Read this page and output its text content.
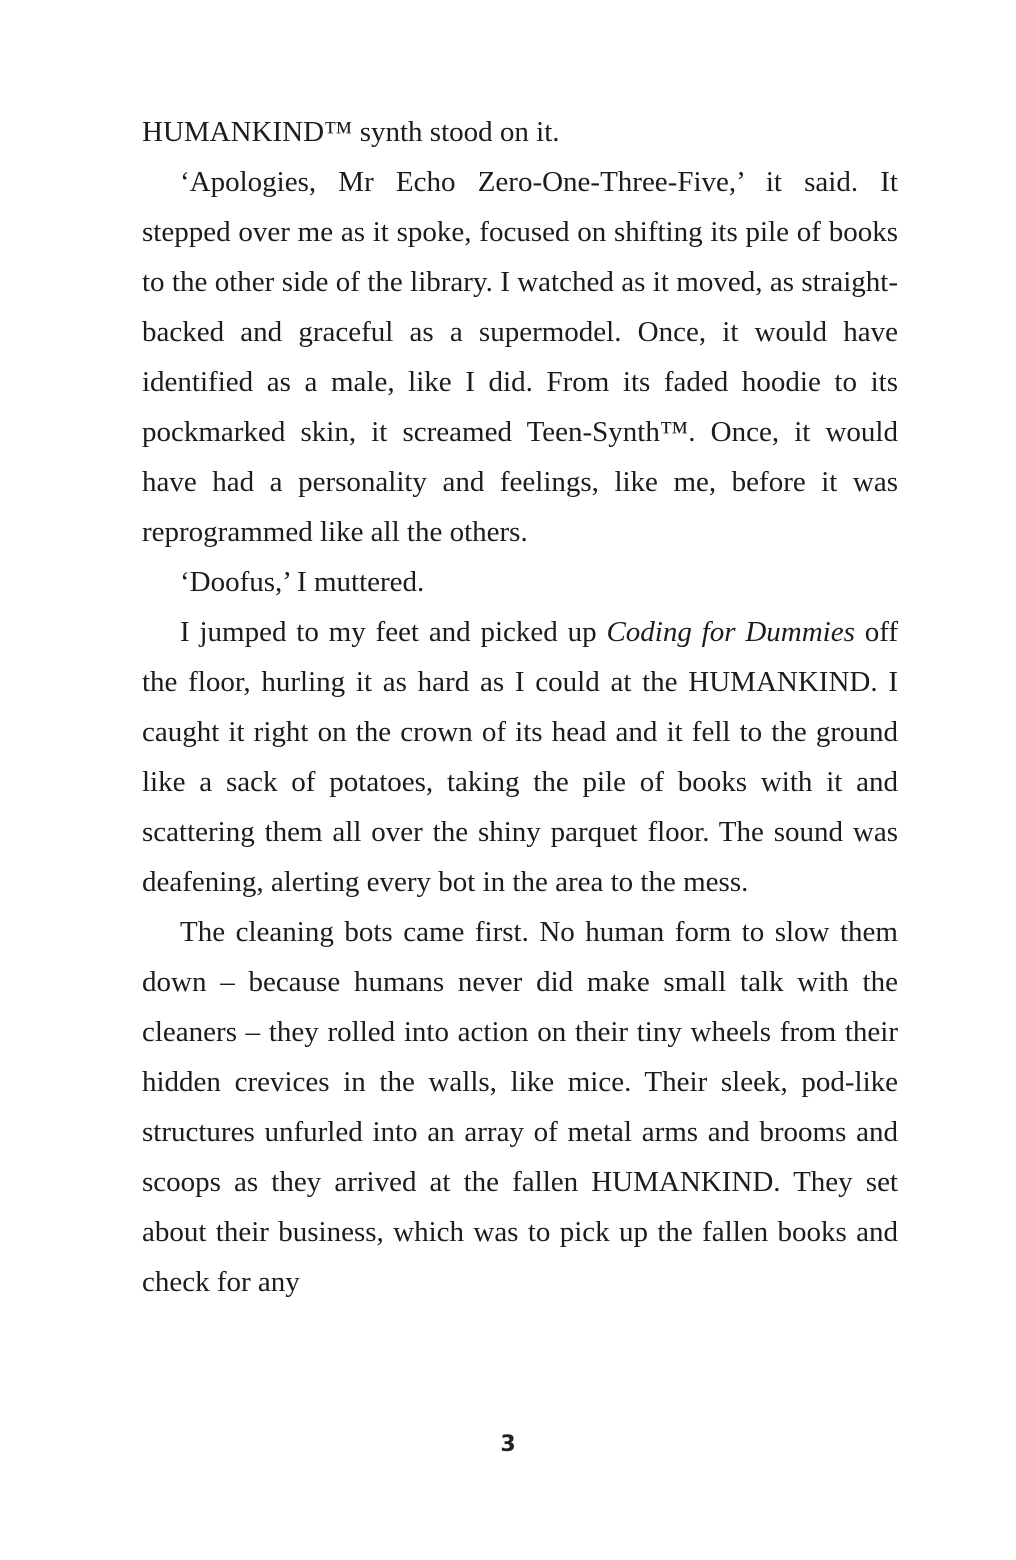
HUMANKIND™ synth stood on it.

‘Apologies, Mr Echo Zero-One-Three-Five,’ it said. It stepped over me as it spoke, focused on shifting its pile of books to the other side of the library. I watched as it moved, as straight-backed and graceful as a supermodel. Once, it would have identified as a male, like I did. From its faded hoodie to its pockmarked skin, it screamed Teen-Synth™. Once, it would have had a personality and feelings, like me, before it was reprogrammed like all the others.

‘Doofus,’ I muttered.

I jumped to my feet and picked up Coding for Dummies off the floor, hurling it as hard as I could at the HUMANKIND. I caught it right on the crown of its head and it fell to the ground like a sack of potatoes, taking the pile of books with it and scattering them all over the shiny parquet floor. The sound was deafening, alerting every bot in the area to the mess.

The cleaning bots came first. No human form to slow them down – because humans never did make small talk with the cleaners – they rolled into action on their tiny wheels from their hidden crevices in the walls, like mice. Their sleek, pod-like structures unfurled into an array of metal arms and brooms and scoops as they arrived at the fallen HUMANKIND. They set about their business, which was to pick up the fallen books and check for any

3
